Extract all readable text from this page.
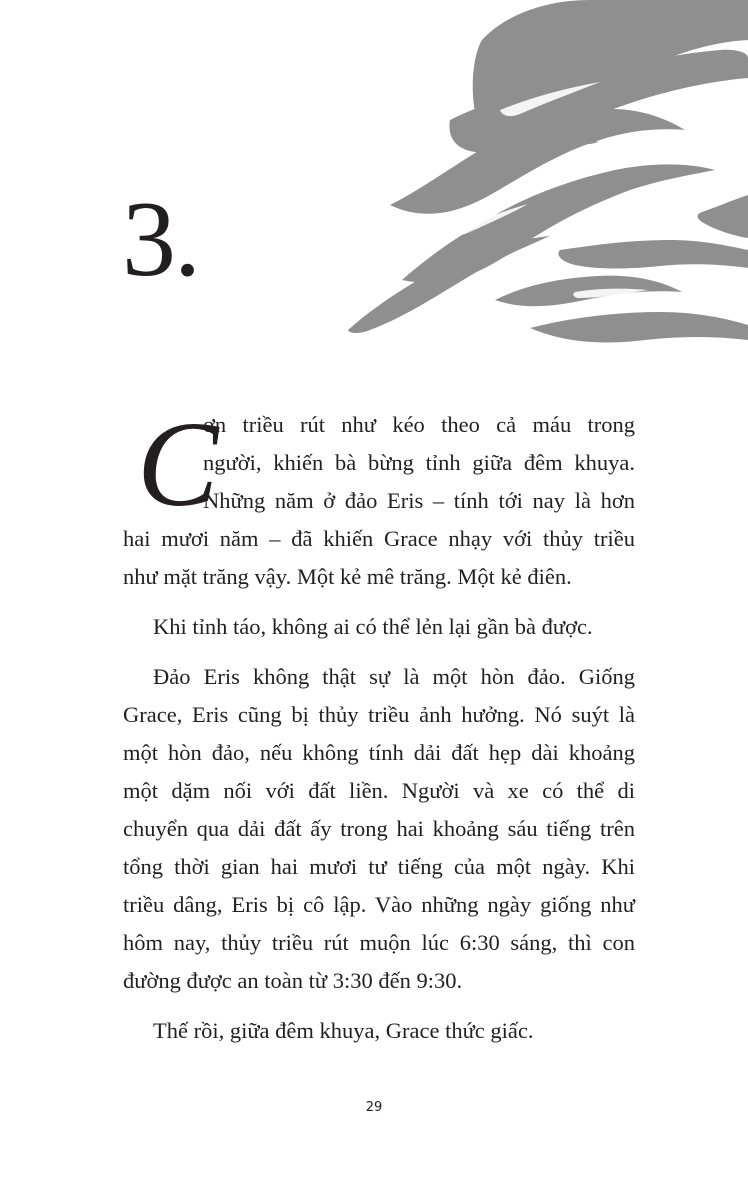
3.
C
ơn triều rút như kéo theo cả máu trong
người, khiến bà bừng tỉnh giữa đêm khuya.
Những năm ở đảo Eris – tính tới nay là hơn
hai mươi năm – đã khiến Grace nhạy với thủy triều
như mặt trăng vậy. Một kẻ mê trăng. Một kẻ điên.
Khi tỉnh táo, không ai có thể lẻn lại gần bà được.
Đảo Eris không thật sự là một hòn đảo. Giống
Grace, Eris cũng bị thủy triều ảnh hưởng. Nó suýt là
một hòn đảo, nếu không tính dải đất hẹp dài khoảng
một dặm nối với đất liền. Người và xe có thể di
chuyển qua dải đất ấy trong hai khoảng sáu tiếng trên
tổng thời gian hai mươi tư tiếng của một ngày. Khi
triều dâng, Eris bị cô lập. Vào những ngày giống như
hôm nay, thủy triều rút muộn lúc 6:30 sáng, thì con
đường được an toàn từ 3:30 đến 9:30.
Thế rồi, giữa đêm khuya, Grace thức giấc.
29
